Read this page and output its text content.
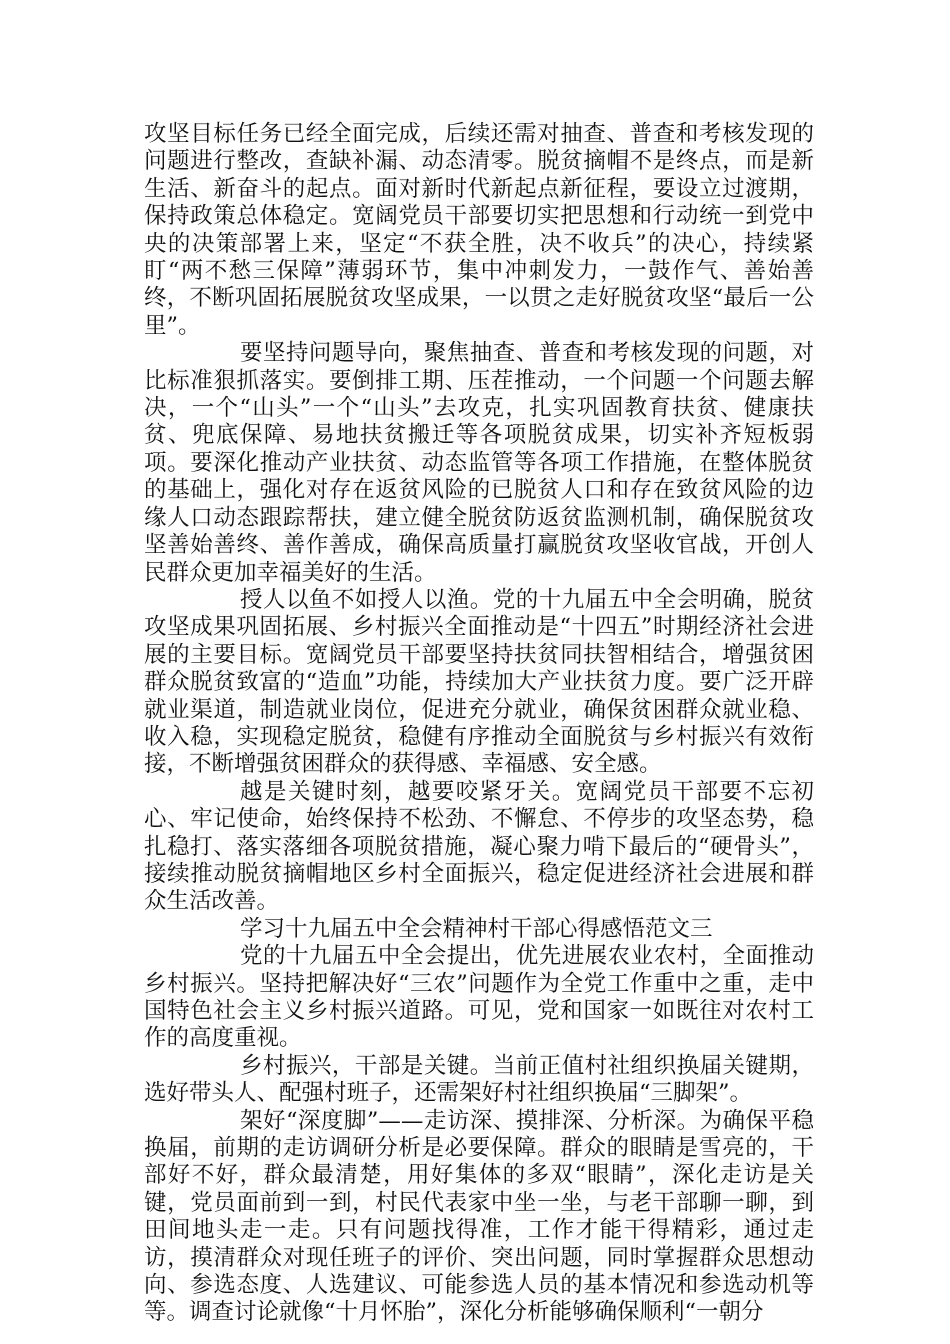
攻坚目标任务已经全面完成，后续还需对抽查、普查和考核发现的问题进行整改，查缺补漏、动态清零。脱贫摘帽不是终点，而是新生活、新奋斗的起点。面对新时代新起点新征程，要设立过渡期，保持政策总体稳定。宽阔党员干部要切实把思想和行动统一到党中央的决策部署上来，坚定“不获全胜，决不收兵”的决心，持续紧盯“两不愁三保障”薄弱环节，集中冲刺发力，一鼓作气、善始善终，不断巩固拓展脱贫攻坚成果，一以贯之走好脱贫攻坚“最后一公里”。

要坚持问题导向，聚焦抽查、普查和考核发现的问题，对比标准狠抓落实。要倒排工期、压茬推动，一个问题一个问题去解决，一个“山头”一个“山头”去攻克，扎实巩固教育扶贫、健康扶贫、兜底保障、易地扶贫搬迁等各项脱贫成果，切实补齐短板弱项。要深化推动产业扶贫、动态监管等各项工作措施，在整体脱贫的基础上，强化对存在返贫风险的已脱贫人口和存在致贫风险的边缘人口动态跟踪帮扶，建立健全脱贫防返贫监测机制，确保脱贫攻坚善始善终、善作善成，确保高质量打赢脱贫攻坚收官战，开创人民群众更加幸福美好的生活。

授人以鱼不如授人以渔。党的十九届五中全会明确，脱贫攻坚成果巩固拓展、乡村振兴全面推动是“十四五”时期经济社会进展的主要目标。宽阔党员干部要坚持扶贫同扶智相结合，增强贫困群众脱贫致富的“造血”功能，持续加大产业扶贫力度。要广泛开辟就业渠道，制造就业岗位，促进充分就业，确保贫困群众就业稳、收入稳，实现稳定脱贫，稳健有序推动全面脱贫与乡村振兴有效衔接，不断增强贫困群众的获得感、幸福感、安全感。

越是关键时刻，越要咬紧牙关。宽阔党员干部要不忘初心、牢记使命，始终保持不松劲、不懈怠、不停步的攻坚态势，稳扎稳打、落实落细各项脱贫措施，凝心聚力啃下最后的“硬骨头”，接续推动脱贫摘帽地区乡村全面振兴，稳定促进经济社会进展和群众生活改善。

学习十九届五中全会精神村干部心得感悟范文三

党的十九届五中全会提出，优先进展农业农村，全面推动乡村振兴。坚持把解决好“三农”问题作为全党工作重中之重，走中国特色社会主义乡村振兴道路。可见，党和国家一如既往对农村工作的高度重视。

乡村振兴，干部是关键。当前正值村社组织换届关键期，选好带头人、配强村班子，还需架好村社组织换届“三脚架”。

架好“深度脚”——走访深、摸排深、分析深。为确保平稳换届，前期的走访调研分析是必要保障。群众的眼睛是雪亮的，干部好不好，群众最清楚，用好集体的多双“眼睛”，深化走访是关键，党员面前到一到，村民代表家中坐一坐，与老干部聊一聊，到田间地头走一走。只有问题找得准，工作才能干得精彩，通过走访，摸清群众对现任班子的评价、突出问题，同时掌握群众思想动向、参选态度、人选建议、可能参选人员的基本情况和参选动机等等。调查讨论就像“十月怀胎”，深化分析能够确保顺利“一朝分
